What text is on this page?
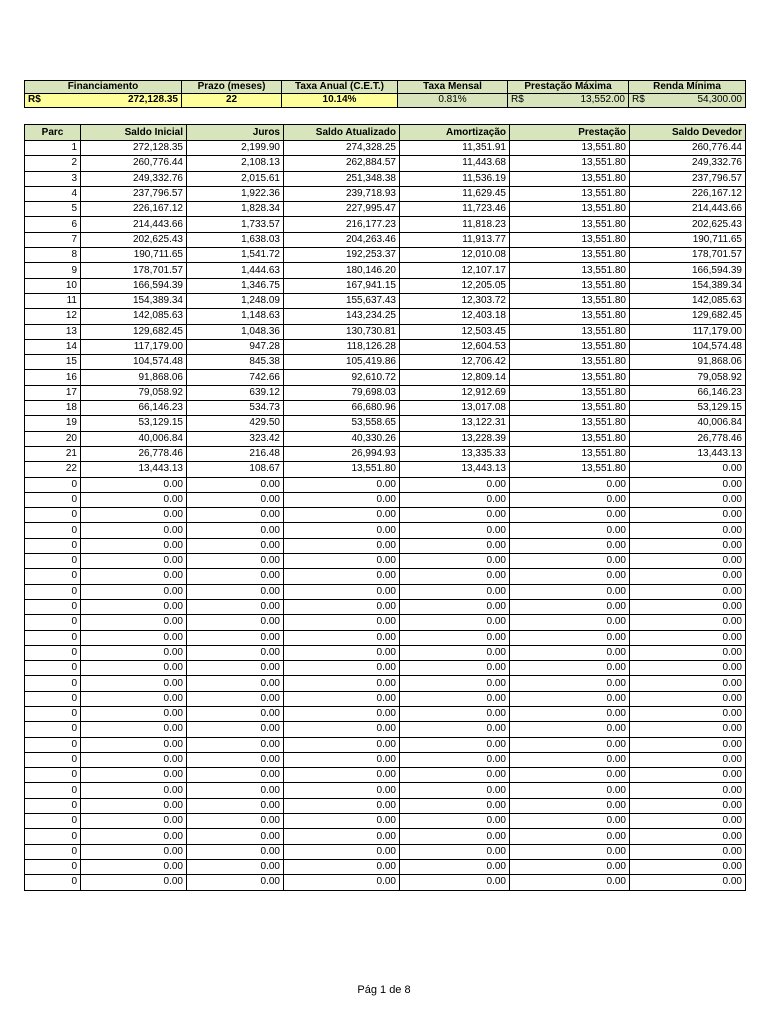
Financiamento	Prazo (meses)	Taxa Anual (C.E.T.)	Taxa Mensal	Prestação Máxima	Renda Mínima

R$ 272,128.35	22	10.14%	0.81%	R$ 13,552.00	R$ 54,300.00
Parc	Saldo Inicial	Juros	Saldo Atualizado	Amortização	Prestação	Saldo Devedor
1	272,128.35	2,199.90	274,328.25	11,351.91	13,551.80	260,776.44
2	260,776.44	2,108.13	262,884.57	11,443.68	13,551.80	249,332.76
3	249,332.76	2,015.61	251,348.38	11,536.19	13,551.80	237,796.57
4	237,796.57	1,922.36	239,718.93	11,629.45	13,551.80	226,167.12
5	226,167.12	1,828.34	227,995.47	11,723.46	13,551.80	214,443.66
6	214,443.66	1,733.57	216,177.23	11,818.23	13,551.80	202,625.43
7	202,625.43	1,638.03	204,263.46	11,913.77	13,551.80	190,711.65
8	190,711.65	1,541.72	192,253.37	12,010.08	13,551.80	178,701.57
9	178,701.57	1,444.63	180,146.20	12,107.17	13,551.80	166,594.39
10	166,594.39	1,346.75	167,941.15	12,205.05	13,551.80	154,389.34
11	154,389.34	1,248.09	155,637.43	12,303.72	13,551.80	142,085.63
12	142,085.63	1,148.63	143,234.25	12,403.18	13,551.80	129,682.45
13	129,682.45	1,048.36	130,730.81	12,503.45	13,551.80	117,179.00
14	117,179.00	947.28	118,126.28	12,604.53	13,551.80	104,574.48
15	104,574.48	845.38	105,419.86	12,706.42	13,551.80	91,868.06
16	91,868.06	742.66	92,610.72	12,809.14	13,551.80	79,058.92
17	79,058.92	639.12	79,698.03	12,912.69	13,551.80	66,146.23
18	66,146.23	534.73	66,680.96	13,017.08	13,551.80	53,129.15
19	53,129.15	429.50	53,558.65	13,122.31	13,551.80	40,006.84
20	40,006.84	323.42	40,330.26	13,228.39	13,551.80	26,778.46
21	26,778.46	216.48	26,994.93	13,335.33	13,551.80	13,443.13
22	13,443.13	108.67	13,551.80	13,443.13	13,551.80	0.00
0	0.00	0.00	0.00	0.00	0.00	0.00
0	0.00	0.00	0.00	0.00	0.00	0.00
0	0.00	0.00	0.00	0.00	0.00	0.00
0	0.00	0.00	0.00	0.00	0.00	0.00
0	0.00	0.00	0.00	0.00	0.00	0.00
0	0.00	0.00	0.00	0.00	0.00	0.00
0	0.00	0.00	0.00	0.00	0.00	0.00
0	0.00	0.00	0.00	0.00	0.00	0.00
0	0.00	0.00	0.00	0.00	0.00	0.00
0	0.00	0.00	0.00	0.00	0.00	0.00
0	0.00	0.00	0.00	0.00	0.00	0.00
0	0.00	0.00	0.00	0.00	0.00	0.00
0	0.00	0.00	0.00	0.00	0.00	0.00
0	0.00	0.00	0.00	0.00	0.00	0.00
0	0.00	0.00	0.00	0.00	0.00	0.00
0	0.00	0.00	0.00	0.00	0.00	0.00
0	0.00	0.00	0.00	0.00	0.00	0.00
0	0.00	0.00	0.00	0.00	0.00	0.00
0	0.00	0.00	0.00	0.00	0.00	0.00
0	0.00	0.00	0.00	0.00	0.00	0.00
0	0.00	0.00	0.00	0.00	0.00	0.00
0	0.00	0.00	0.00	0.00	0.00	0.00
0	0.00	0.00	0.00	0.00	0.00	0.00
0	0.00	0.00	0.00	0.00	0.00	0.00
0	0.00	0.00	0.00	0.00	0.00	0.00
0	0.00	0.00	0.00	0.00	0.00	0.00
0	0.00	0.00	0.00	0.00	0.00	0.00
Pág 1 de 8
